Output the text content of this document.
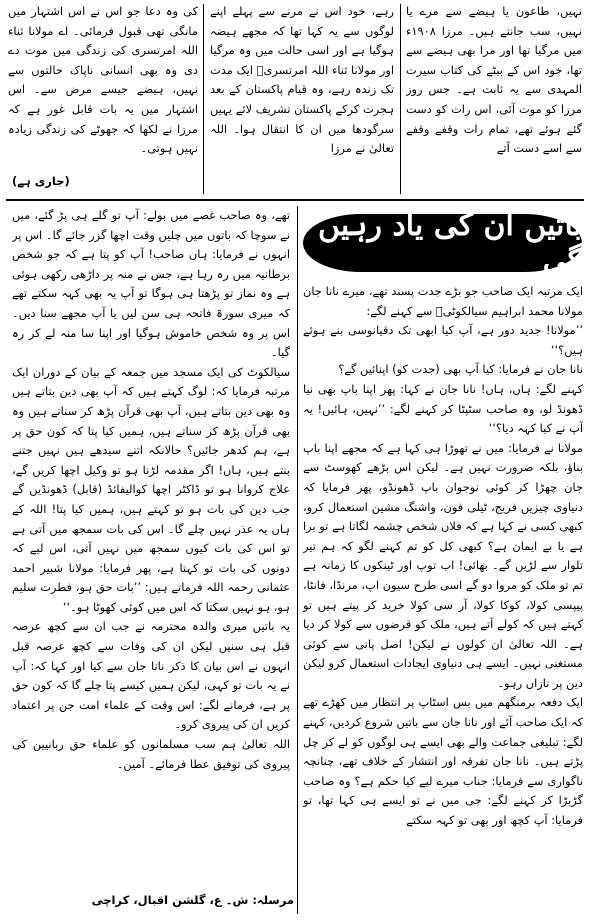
نہیں، طاعون یا ہیضے سے مرے یا نہیں، سب جانتے ہیں۔ مرزا ۱۹۰۸ء میں مرگیا تھا اور مرا بھی ہیضے سے تھا، خود اس کے بیٹے کی کتاب سیرت المہدی سے یہ ثابت ہے۔ جس روز مرزا کو موت آئی، اس رات کو دست گئے ہوئے تھے، تمام رات وقفے وقفے سے اسے دست آتے

رہے، خود اس نے مرنے سے پہلے اپنے لوگوں سے یہ کہا تھا کہ مجھے ہیضہ ہوگیا ہے اور اسی حالت میں وہ مرگیا اور مولانا ثناء اللہ امرتسریؒ ایک مدت تک زندہ رہے، وہ قیام پاکستان کے بعد ہجرت کرکے پاکستان تشریف لائے یہیں سرگودھا میں ان کا انتقال ہوا۔ اللہ تعالیٰ نے مرزا

کی وہ دعا جو اس نے اس اشتہار میں مانگی تھی قبول فرمائی۔ اے مولانا ثناء اللہ امرتسری کی زندگی میں موت دے دی وہ بھی انسانی ناپاک حالتوں سے نہیں، ہیضے جیسے مرض سے۔ اس اشتہار میں یہ بات قابل غور ہے کہ مرزا نے لکھا کہ جھوٹے کی زندگی زیادہ نہیں ہوتی۔

(جاری ہے)
باتیں ان کی یاد رہیں گی

ایک مرتبہ ایک صاحب جو بڑے جدت پسند تھے، میرے نانا جان مولانا محمد ابراہیم سیالکوٹیؒ سے کہنے لگے:

’’مولانا! جدید دور ہے، آپ کیا ابھی تک دقیانوسی بنے ہوئے ہیں؟‘‘

نانا جان نے فرمایا: کیا آپ بھی (جدت کو) اپنائیں گے؟

کہنے لگے: ہاں، ہاں! نانا جان نے کہا: پھر اپنا باپ بھی نیا ڈھونڈ لو، وہ صاحب سٹپٹا کر کہنے لگے: ’’نہیں، ہائیں! یہ آپ نے کیا کہہ دیا؟‘‘

مولانا نے فرمایا: میں نے تھوڑا ہی کہا ہے کہ مجھے اپنا باپ بناؤ، بلکہ ضرورت نہیں ہے۔ لیکن اس بڑھے کھوسٹ سے جان چھڑا کر کوئی نوجوان باپ ڈھونڈو، پھر فرمایا کہ دنیاوی چیزیں فریج، ٹیلی فون، واشنگ مشین استعمال کرو، کبھی کسی نے کہا ہے کہ فلاں شخص چشمہ لگاتا ہے تو برا ہے یا بے ایمان ہے؟ کبھی کل کو تم کہنے لگو کہ ہم تیر تلوار سے لڑیں گے۔ بھائی! اب توپ اور ٹینکوں کا زمانہ ہے تم تو ملک کو مروا دو گے اسی طرح سیون اپ، مرنڈا، فانٹا، پیپسی کولا، کوکا کولا، آر سی کولا خرید کر پیتے ہیں تو کہتے ہیں کہ کولے آتے ہیں، ملک کو قرضوں سے کولا کر دیا ہے۔ اللہ تعالیٰ ان کولوں نے لیکن! اصل پانی سے کوئی مستغنی نہیں۔ ایسے ہی دنیاوی ایجادات استعمال کرو لیکن دین پر نازاں رہو۔

ایک دفعہ برمنگھم میں بس اسٹاپ پر انتظار میں کھڑے تھے کہ ایک صاحب آئے اور نانا جان سے باتیں شروع کردیں، کہنے لگے: تبلیغی جماعت والے بھی ایسے ہی لوگوں کو لے کر چل پڑتے ہیں۔ نانا جان تفرقہ اور انتشار کے خلاف تھے، چنانچہ ناگواری سے فرمایا: جناب میرے لیے کیا حکم ہے؟ وہ صاحب گڑبڑا کر کہنے لگے: جی میں نے تو ایسے ہی کہا تھا، تو فرمایا: آپ کچھ اور بھی تو کہہ سکتے

تھے، وہ صاحب غصے میں بولے: آپ تو گلے ہی پڑ گئے، میں نے سوچا کہ باتوں میں چلیں وقت اچھا گزر جائے گا۔ اس پر انہوں نے فرمایا: ہاں صاحب! آپ کو پتا ہے کہ جو شخص برطانیہ میں رہ رہا ہے، جس نے منہ پر داڑھی رکھی ہوئی ہے وہ نماز تو پڑھتا ہی ہوگا تو آپ یہ بھی کہہ سکتے تھے کہ میری سورۃ فاتحہ ہی سن لیں یا آپ مجھے سنا دیں۔ اس پر وہ شخص خاموش ہوگیا اور اپنا سا منہ لے کر رہ گیا۔

سیالکوٹ کی ایک مسجد میں جمعہ کے بیان کے دوران ایک مرتبہ فرمایا کہ: لوگ کہتے ہیں کہ آپ بھی دین بتاتے ہیں وہ بھی دین بتاتے ہیں، آپ بھی قرآن پڑھ کر سناتے ہیں وہ بھی قرآن پڑھ کر سناتے ہیں، ہمیں کیا پتا کہ کون حق پر ہے، ہم کدھر جائیں؟ حالانکہ اتنے سیدھے ہیں نہیں جتنے بنتے ہیں، ہاں! اگر مقدمہ لڑنا ہو تو وکیل اچھا کریں گے، علاج کروانا ہو تو ڈاکٹر اچھا کوالیفائڈ (قابل) ڈھونڈیں گے جب دین کی بات ہو تو کہتے ہیں، ہمیں کیا پتا! اللہ کے ہاں یہ عذر نہیں چلے گا۔ اس کی بات سمجھ میں آتی ہے تو اس کی بات کیوں سمجھ میں نہیں آتی، اس لیے کہ دونوں کی بات تو کہتا ہے، پھر فرمایا: مولانا شبیر احمد عثمانی رحمہ اللہ فرماتے ہیں: ’’بات حق ہو، فطرت سلیم ہو، ہو نہیں سکتا کہ اس میں کوئی کھوٹا ہو۔‘‘

یہ باتیں میری والدہ محترمہ نے جب ان سے کچھ عرصہ قبل ہی سنیں لیکن ان کی وفات سے کچھ عرصہ قبل انہوں نے اس بیان کا ذکر نانا جان سے کیا اور کہا کہ: آپ نے یہ بات تو کہی، لیکن ہمیں کیسے پتا چلے گا کہ کون حق پر ہے، فرمانے لگے: اس وقت کے علماء امت جن پر اعتماد کریں ان کی پیروی کرو۔

اللہ تعالیٰ ہم سب مسلمانوں کو علماء حق ربانیین کی پیروی کی توفیق عطا فرمائے۔ آمین۔

مرسلہ: ش۔ ع، گلشن اقبال، کراچی
